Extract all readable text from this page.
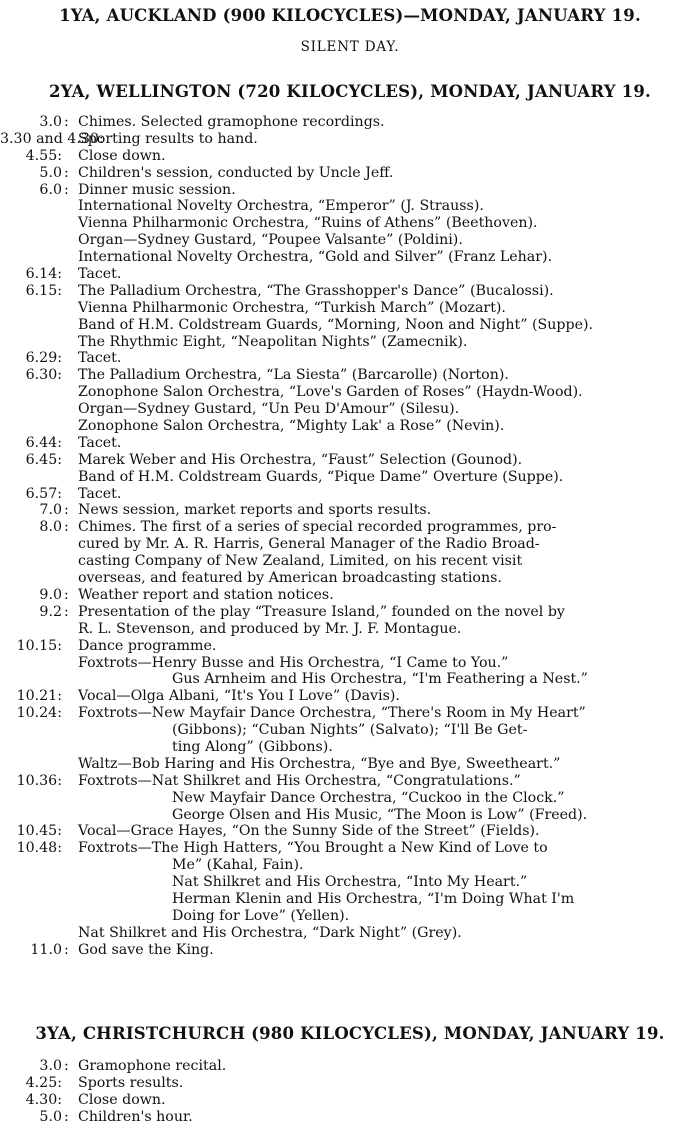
1YA, AUCKLAND (900 KILOCYCLES)—MONDAY, JANUARY 19.
SILENT DAY.
2YA, WELLINGTON (720 KILOCYCLES), MONDAY, JANUARY 19.
3.0 : Chimes. Selected gramophone recordings.
3.30 and 4.30:
Sporting results to hand.
4.55: Close down.
5.0 : Children's session, conducted by Uncle Jeff.
6.0 : Dinner music session.
International Novelty Orchestra, “Emperor” (J. Strauss).
Vienna Philharmonic Orchestra, “Ruins of Athens” (Beethoven).
Organ—Sydney Gustard, “Poupee Valsante” (Poldini).
International Novelty Orchestra, “Gold and Silver” (Franz Lehar).
6.14: Tacet.
6.15: The Palladium Orchestra, “The Grasshopper's Dance” (Bucalossi).
Vienna Philharmonic Orchestra, “Turkish March” (Mozart).
Band of H.M. Coldstream Guards, “Morning, Noon and Night” (Suppe).
The Rhythmic Eight, “Neapolitan Nights” (Zamecnik).
6.29: Tacet.
6.30: The Palladium Orchestra, “La Siesta” (Barcarolle) (Norton).
Zonophone Salon Orchestra, “Love's Garden of Roses” (Haydn-Wood).
Organ—Sydney Gustard, “Un Peu D'Amour” (Silesu).
Zonophone Salon Orchestra, “Mighty Lak' a Rose” (Nevin).
6.44: Tacet.
6.45: Marek Weber and His Orchestra, “Faust” Selection (Gounod).
Band of H.M. Coldstream Guards, “Pique Dame” Overture (Suppe).
6.57: Tacet.
7.0 : News session, market reports and sports results.
8.0 : Chimes. The first of a series of special recorded programmes, pro-
cured by Mr. A. R. Harris, General Manager of the Radio Broad-
casting Company of New Zealand, Limited, on his recent visit
overseas, and featured by American broadcasting stations.
9.0 : Weather report and station notices.
9.2 : Presentation of the play “Treasure Island,” founded on the novel by
R. L. Stevenson, and produced by Mr. J. F. Montague.
10.15: Dance programme.
Foxtrots—Henry Busse and His Orchestra, “I Came to You.”
Gus Arnheim and His Orchestra, “I'm Feathering a Nest.”
10.21: Vocal—Olga Albani, “It's You I Love” (Davis).
10.24: Foxtrots—New Mayfair Dance Orchestra, “There's Room in My Heart”
(Gibbons); “Cuban Nights” (Salvato); “I'll Be Get-
ting Along” (Gibbons).
Waltz—Bob Haring and His Orchestra, “Bye and Bye, Sweetheart.”
10.36: Foxtrots—Nat Shilkret and His Orchestra, “Congratulations.”
New Mayfair Dance Orchestra, “Cuckoo in the Clock.”
George Olsen and His Music, “The Moon is Low” (Freed).
10.45: Vocal—Grace Hayes, “On the Sunny Side of the Street” (Fields).
10.48: Foxtrots—The High Hatters, “You Brought a New Kind of Love to
Me” (Kahal, Fain).
Nat Shilkret and His Orchestra, “Into My Heart.”
Herman Klenin and His Orchestra, “I'm Doing What I'm
Doing for Love” (Yellen).
Nat Shilkret and His Orchestra, “Dark Night” (Grey).
11.0 : God save the King.
3YA, CHRISTCHURCH (980 KILOCYCLES), MONDAY, JANUARY 19.
3.0 : Gramophone recital.
4.25: Sports results.
4.30: Close down.
5.0 : Children's hour.
